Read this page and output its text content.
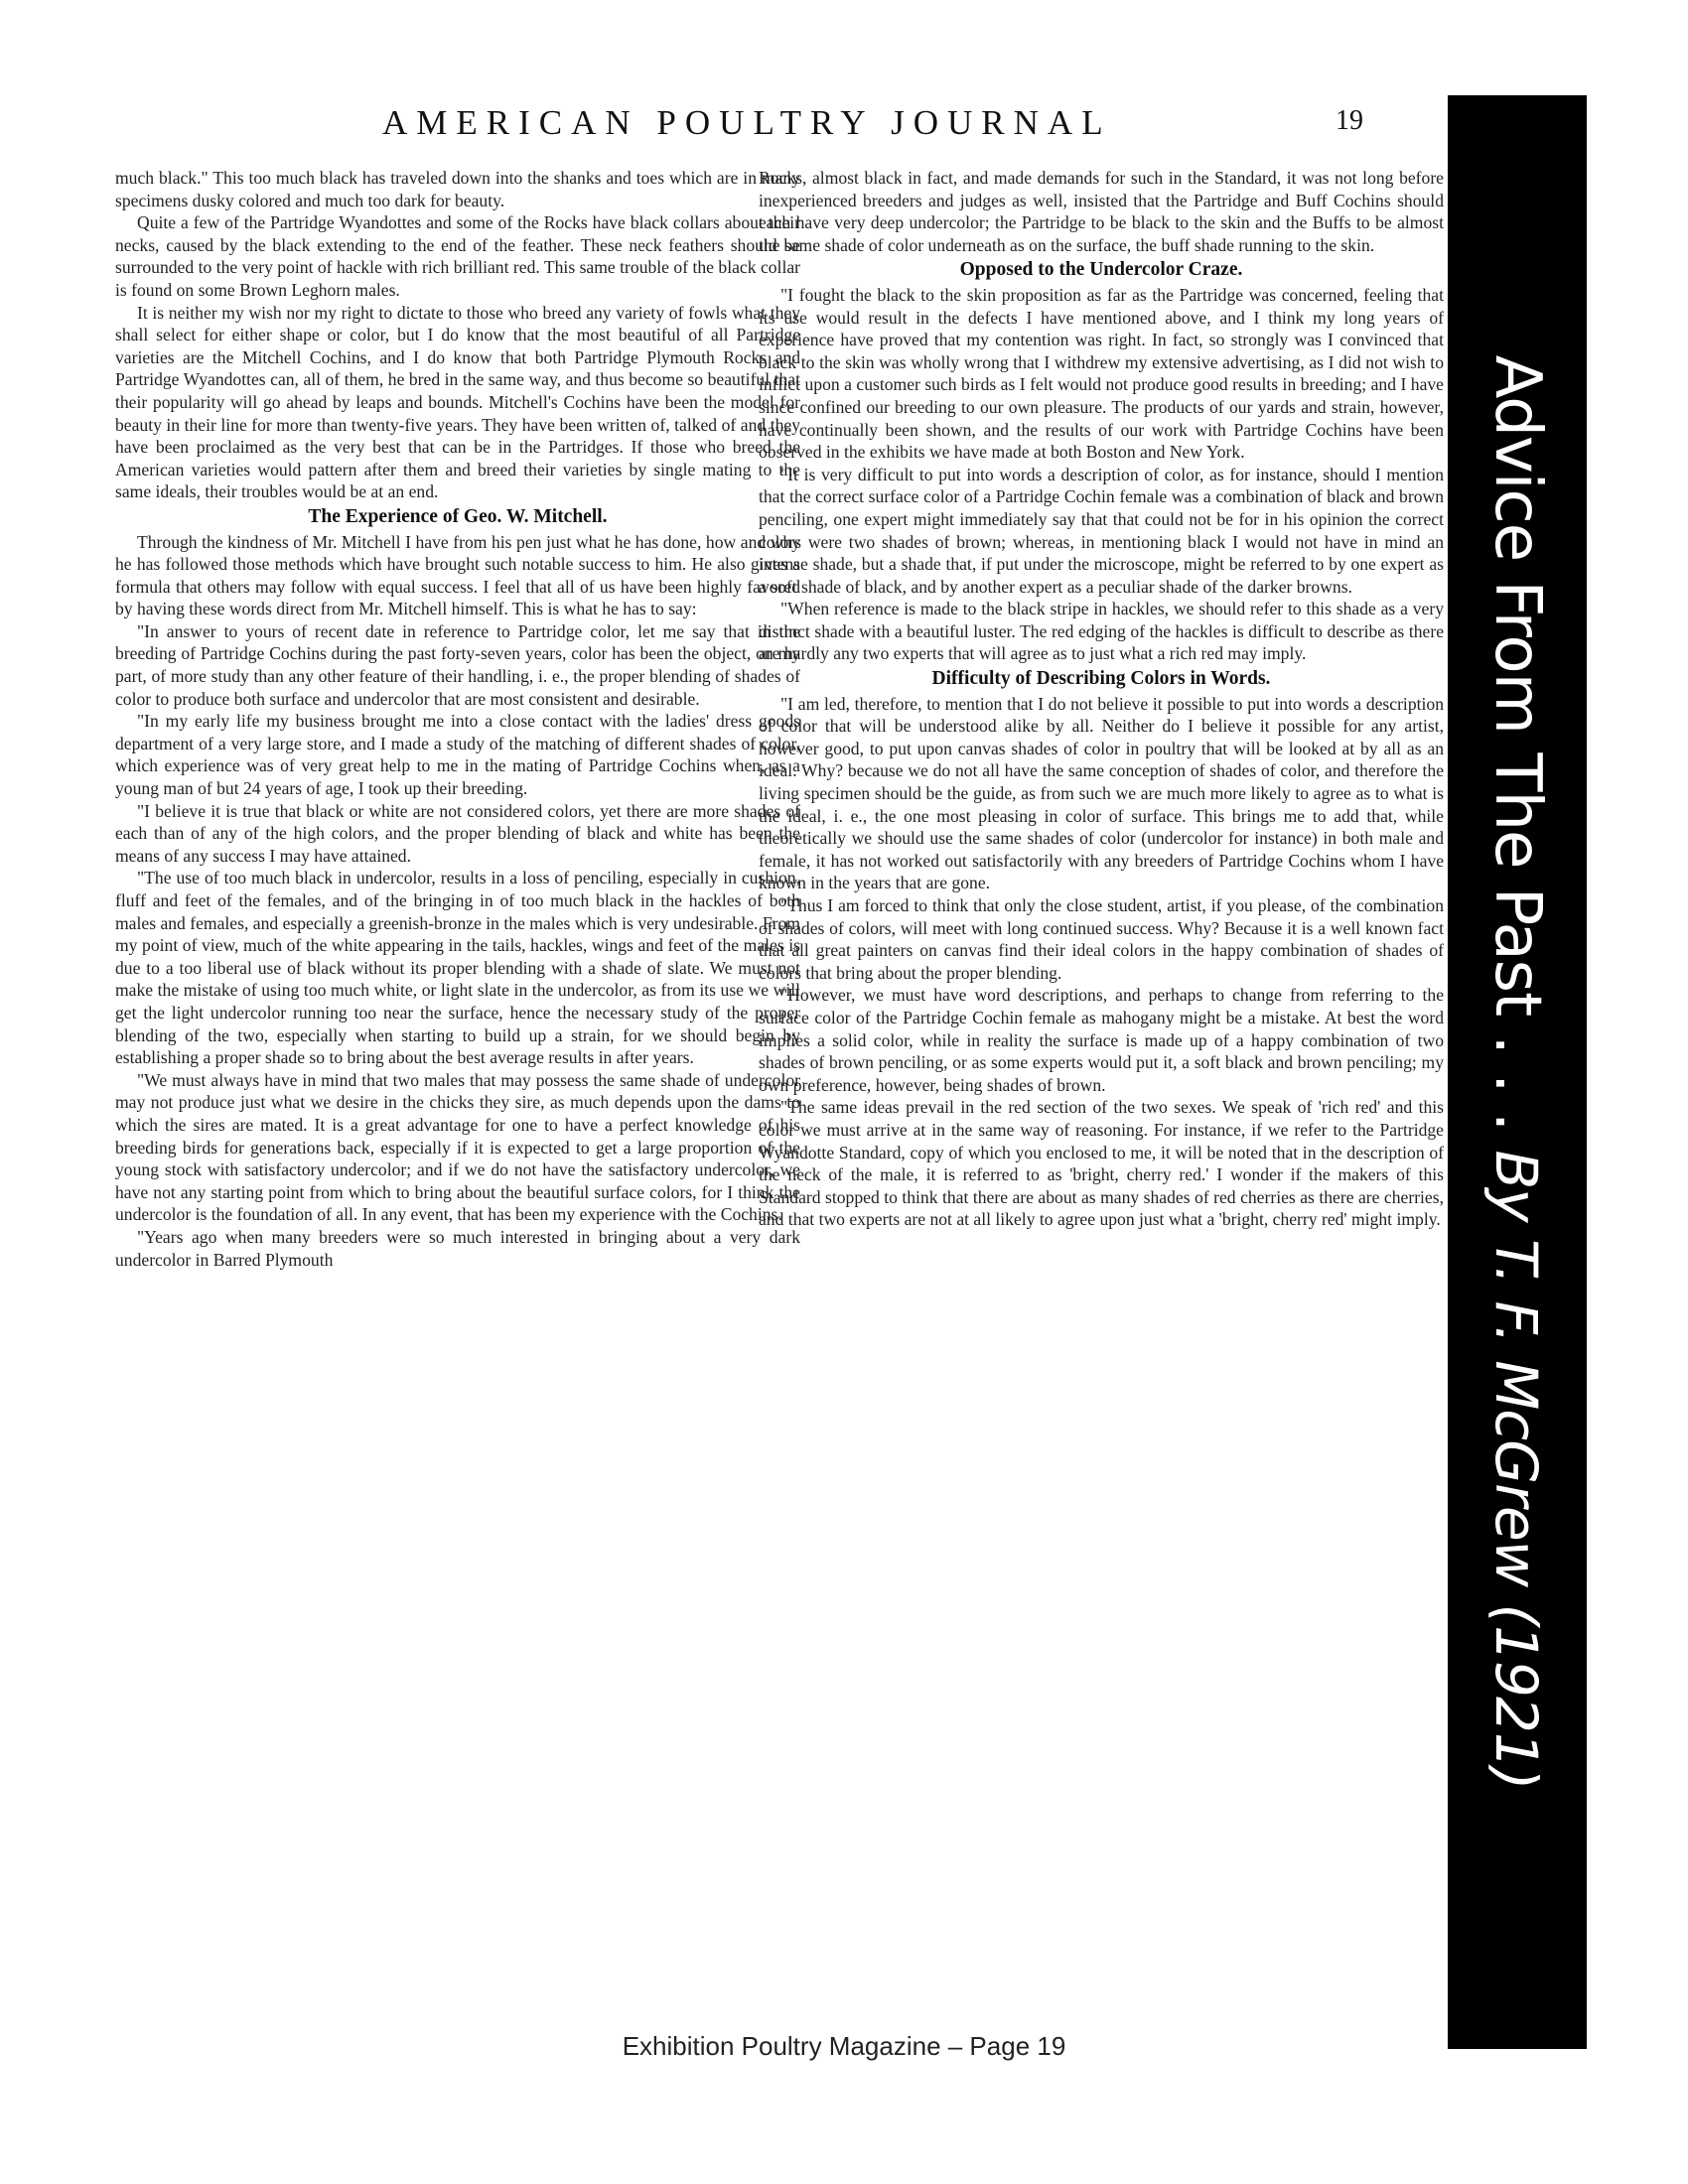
AMERICAN POULTRY JOURNAL	19

much black." This too much black has traveled down into the shanks and toes which are in many specimens dusky colored and much too dark for beauty.

Quite a few of the Partridge Wyandottes and some of the Rocks have black collars about their necks, caused by the black extending to the end of the feather. These neck feathers should be surrounded to the very point of hackle with rich brilliant red. This same trouble of the black collar is found on some Brown Leghorn males.

It is neither my wish nor my right to dictate to those who breed any variety of fowls what they shall select for either shape or color, but I do know that the most beautiful of all Partridge varieties are the Mitchell Cochins, and I do know that both Partridge Plymouth Rocks and Partridge Wyandottes can, all of them, he bred in the same way, and thus become so beautiful that their popularity will go ahead by leaps and bounds. Mitchell's Cochins have been the model for beauty in their line for more than twenty-five years. They have been written of, talked of and they have been proclaimed as the very best that can be in the Partridges. If those who breed the American varieties would pattern after them and breed their varieties by single mating to the same ideals, their troubles would be at an end.

The Experience of Geo. W. Mitchell.

Through the kindness of Mr. Mitchell I have from his pen just what he has done, how and why he has followed those methods which have brought such notable success to him. He also gives a formula that others may follow with equal success. I feel that all of us have been highly favored by having these words direct from Mr. Mitchell himself. This is what he has to say:

"In answer to yours of recent date in reference to Partridge color, let me say that in the breeding of Partridge Cochins during the past forty-seven years, color has been the object, on my part, of more study than any other feature of their handling, i. e., the proper blending of shades of color to produce both surface and undercolor that are most consistent and desirable.

"In my early life my business brought me into a close contact with the ladies' dress goods department of a very large store, and I made a study of the matching of different shades of color, which experience was of very great help to me in the mating of Partridge Cochins when, as a young man of but 24 years of age, I took up their breeding.

"I believe it is true that black or white are not considered colors, yet there are more shades of each than of any of the high colors, and the proper blending of black and white has been the means of any success I may have attained.

"The use of too much black in undercolor, results in a loss of penciling, especially in cushion, fluff and feet of the females, and of the bringing in of too much black in the hackles of both males and females, and especially a greenish-bronze in the males which is very undesirable. From my point of view, much of the white appearing in the tails, hackles, wings and feet of the males is due to a too liberal use of black without its proper blending with a shade of slate. We must not make the mistake of using too much white, or light slate in the undercolor, as from its use we will get the light undercolor running too near the surface, hence the necessary study of the proper blending of the two, especially when starting to build up a strain, for we should begin by establishing a proper shade so to bring about the best average results in after years.

"We must always have in mind that two males that may possess the same shade of undercolor may not produce just what we desire in the chicks they sire, as much depends upon the dams to which the sires are mated. It is a great advantage for one to have a perfect knowledge of his breeding birds for generations back, especially if it is expected to get a large proportion of the young stock with satisfactory undercolor; and if we do not have the satisfactory undercolor, we have not any starting point from which to bring about the beautiful surface colors, for I think the undercolor is the foundation of all. In any event, that has been my experience with the Cochins.

"Years ago when many breeders were so much interested in bringing about a very dark undercolor in Barred Plymouth

Rocks, almost black in fact, and made demands for such in the Standard, it was not long before inexperienced breeders and judges as well, insisted that the Partridge and Buff Cochins should each have very deep undercolor; the Partridge to be black to the skin and the Buffs to be almost the same shade of color underneath as on the surface, the buff shade running to the skin.

Opposed to the Undercolor Craze.

"I fought the black to the skin proposition as far as the Partridge was concerned, feeling that its use would result in the defects I have mentioned above, and I think my long years of experience have proved that my contention was right. In fact, so strongly was I convinced that black to the skin was wholly wrong that I withdrew my extensive advertising, as I did not wish to inflict upon a customer such birds as I felt would not produce good results in breeding; and I have since confined our breeding to our own pleasure. The products of our yards and strain, however, have continually been shown, and the results of our work with Partridge Cochins have been observed in the exhibits we have made at both Boston and New York.

"It is very difficult to put into words a description of color, as for instance, should I mention that the correct surface color of a Partridge Cochin female was a combination of black and brown penciling, one expert might immediately say that that could not be for in his opinion the correct colors were two shades of brown; whereas, in mentioning black I would not have in mind an intense shade, but a shade that, if put under the microscope, might be referred to by one expert as a soft shade of black, and by another expert as a peculiar shade of the darker browns.

"When reference is made to the black stripe in hackles, we should refer to this shade as a very distinct shade with a beautiful luster. The red edging of the hackles is difficult to describe as there are hardly any two experts that will agree as to just what a rich red may imply.

Difficulty of Describing Colors in Words.

"I am led, therefore, to mention that I do not believe it possible to put into words a description of color that will be understood alike by all. Neither do I believe it possible for any artist, however good, to put upon canvas shades of color in poultry that will be looked at by all as an ideal. Why? because we do not all have the same conception of shades of color, and therefore the living specimen should be the guide, as from such we are much more likely to agree as to what is the ideal, i. e., the one most pleasing in color of surface. This brings me to add that, while theoretically we should use the same shades of color (undercolor for instance) in both male and female, it has not worked out satisfactorily with any breeders of Partridge Cochins whom I have known in the years that are gone.

"Thus I am forced to think that only the close student, artist, if you please, of the combination of shades of colors, will meet with long continued success. Why? Because it is a well known fact that all great painters on canvas find their ideal colors in the happy combination of shades of colors that bring about the proper blending.

"However, we must have word descriptions, and perhaps to change from referring to the surface color of the Partridge Cochin female as mahogany might be a mistake. At best the word implies a solid color, while in reality the surface is made up of a happy combination of two shades of brown penciling, or as some experts would put it, a soft black and brown penciling; my own preference, however, being shades of brown.

"The same ideas prevail in the red section of the two sexes. We speak of 'rich red' and this color we must arrive at in the same way of reasoning. For instance, if we refer to the Partridge Wyandotte Standard, copy of which you enclosed to me, it will be noted that in the description of the neck of the male, it is referred to as 'bright, cherry red.' I wonder if the makers of this Standard stopped to think that there are about as many shades of red cherries as there are cherries, and that two experts are not at all likely to agree upon just what a 'bright, cherry red' might imply.

Advice From The Past . . . By T. F. McGrew (1921)
Exhibition Poultry Magazine – Page 19
